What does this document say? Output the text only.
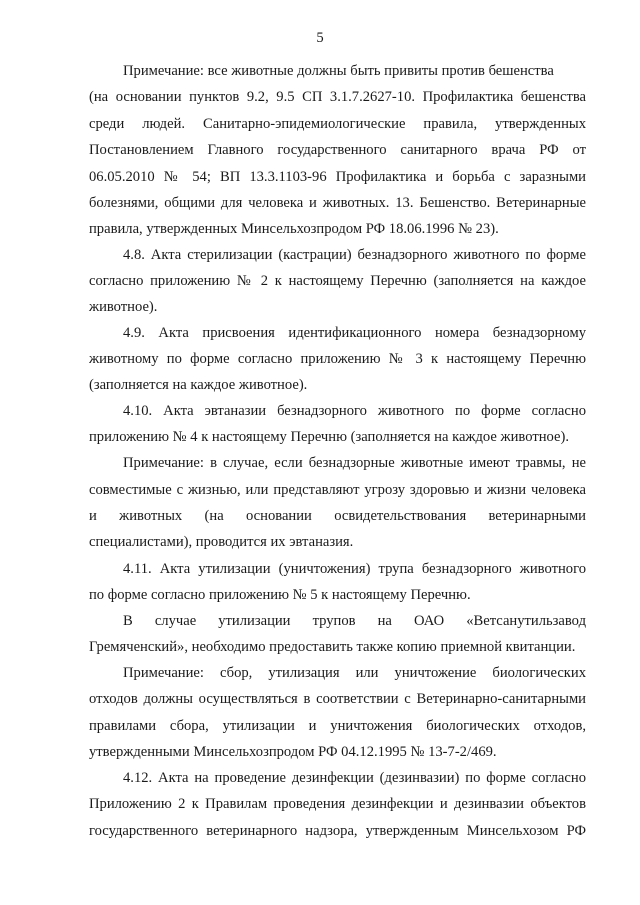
5
Примечание: все животные должны быть привиты против бешенства
(на основании пунктов 9.2, 9.5 СП 3.1.7.2627-10. Профилактика бешенства
среди людей. Санитарно-эпидемиологические правила, утвержденных
Постановлением Главного государственного санитарного врача РФ от
06.05.2010 № 54; ВП 13.3.1103-96 Профилактика и борьба с заразными
болезнями, общими для человека и животных. 13. Бешенство. Ветеринарные
правила, утвержденных Минсельхозпродом РФ 18.06.1996 № 23).
4.8. Акта стерилизации (кастрации) безнадзорного животного по форме
согласно приложению № 2 к настоящему Перечню (заполняется на каждое
животное).
4.9. Акта присвоения идентификационного номера безнадзорному
животному по форме согласно приложению № 3 к настоящему Перечню
(заполняется на каждое животное).
4.10. Акта эвтаназии безнадзорного животного по форме согласно
приложению № 4 к настоящему Перечню (заполняется на каждое животное).
Примечание: в случае, если безнадзорные животные имеют травмы, не
совместимые с жизнью, или представляют угрозу здоровью и жизни человека
и животных (на основании освидетельствования ветеринарными
специалистами), проводится их эвтаназия.
4.11. Акта утилизации (уничтожения) трупа безнадзорного животного
по форме согласно приложению № 5 к настоящему Перечню.
В случае утилизации трупов на ОАО «Ветсанутильзавод
Гремяченский», необходимо предоставить также копию приемной квитанции.
Примечание: сбор, утилизация или уничтожение биологических
отходов должны осуществляться в соответствии с Ветеринарно-санитарными
правилами сбора, утилизации и уничтожения биологических отходов,
утвержденными Минсельхозпродом РФ 04.12.1995 № 13-7-2/469.
4.12. Акта на проведение дезинфекции (дезинвазии) по форме согласно
Приложению 2 к Правилам проведения дезинфекции и дезинвазии объектов
государственного ветеринарного надзора, утвержденным Минсельхозом РФ
